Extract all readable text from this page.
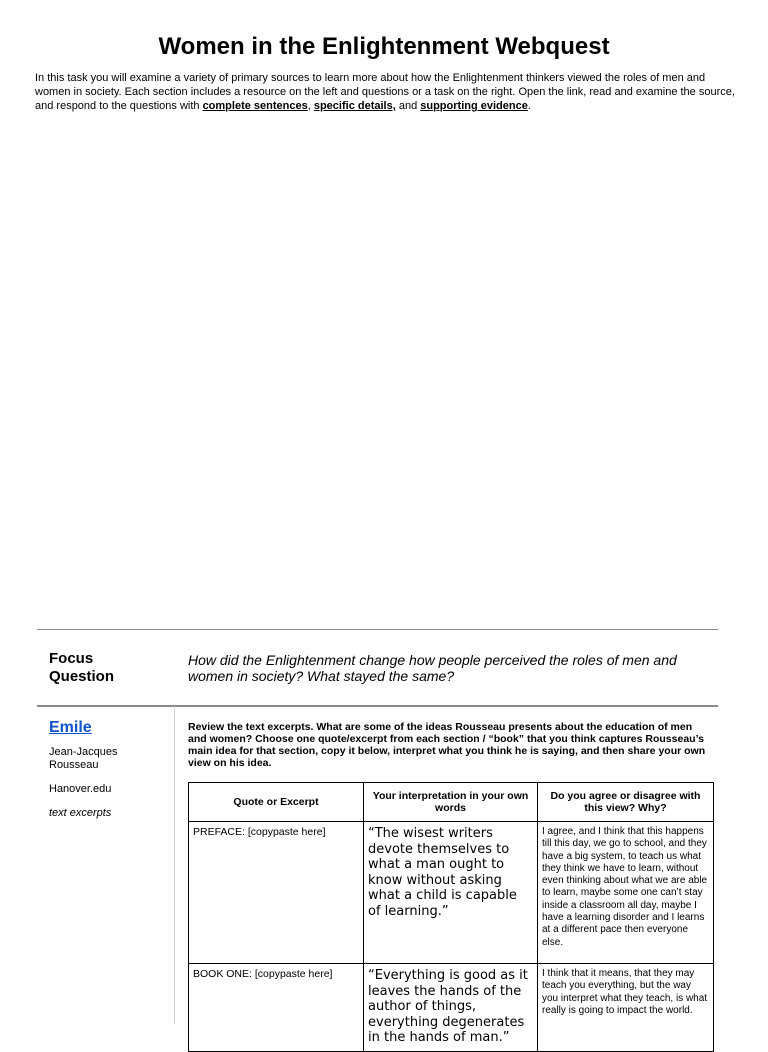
Women in the Enlightenment Webquest
In this task you will examine a variety of primary sources to learn more about how the Enlightenment thinkers viewed the roles of men and women in society. Each section includes a resource on the left and questions or a task on the right. Open the link, read and examine the source, and respond to the questions with complete sentences, specific details, and supporting evidence.
Focus Question
How did the Enlightenment change how people perceived the roles of men and women in society? What stayed the same?
Emile
Jean-Jacques Rousseau
Hanover.edu
text excerpts
Review the text excerpts. What are some of the ideas Rousseau presents about the education of men and women? Choose one quote/excerpt from each section / “book” that you think captures Rousseau’s main idea for that section, copy it below, interpret what you think he is saying, and then share your own view on his idea.
Quote or Excerpt	Your interpretation in your own words	Do you agree or disagree with this view? Why?
PREFACE: [copypaste here]	“The wisest writers devote themselves to what a man ought to know without asking what a child is capable of learning.”	I agree, and I think that this happens till this day, we go to school, and they have a big system, to teach us what they think we have to learn, without even thinking about what we are able to learn, maybe some one can’t stay inside a classroom all day, maybe I have a learning disorder and I learns at a different pace then everyone else.
BOOK ONE: [copypaste here]	“Everything is good as it leaves the hands of the author of things, everything degenerates in the hands of man.”	I think that it means, that they may teach you everything, but the way you interpret what they teach, is what really is going to impact the world.
